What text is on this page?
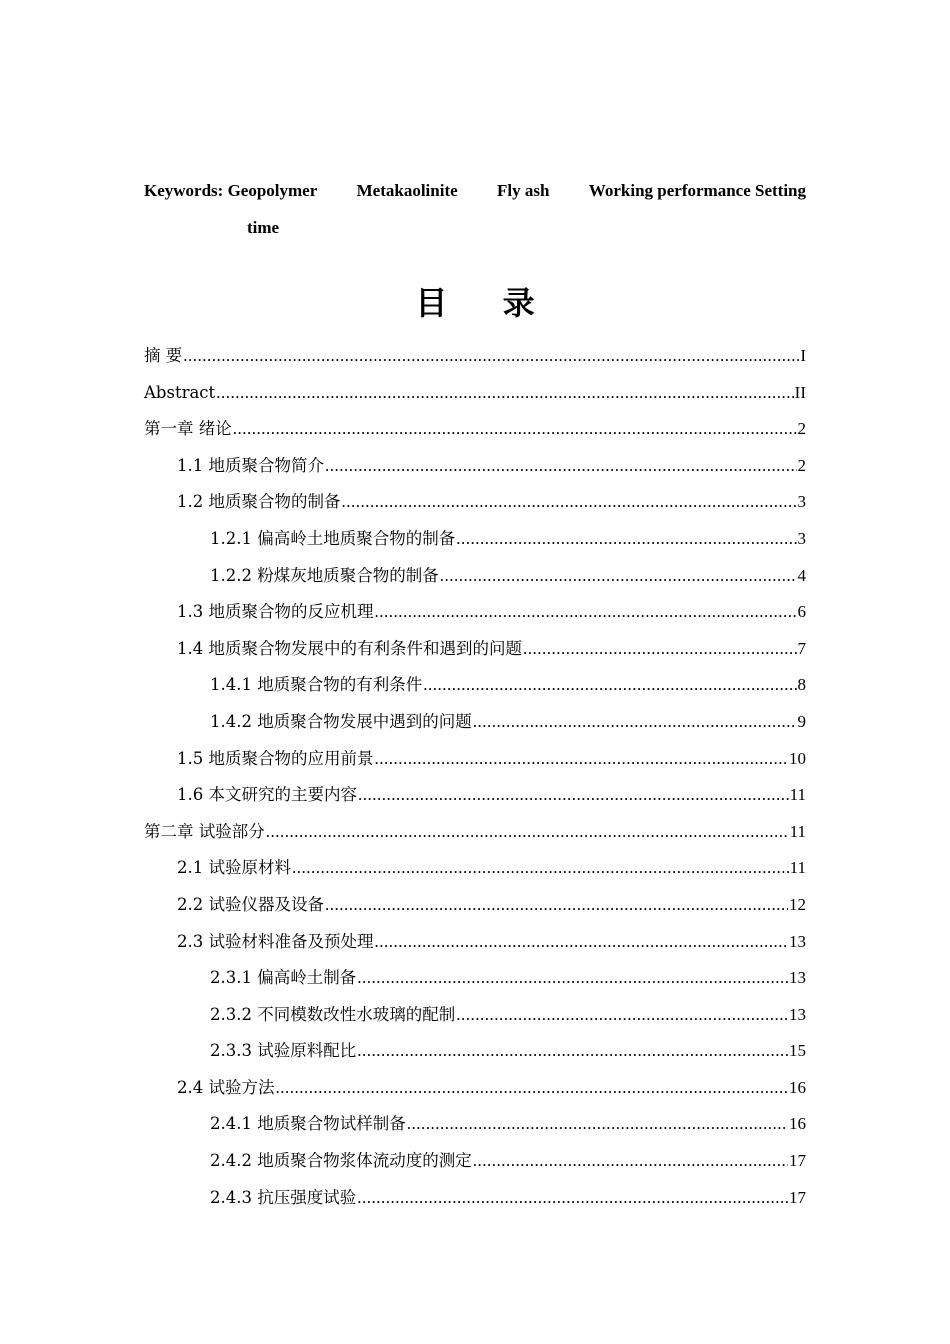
Keywords: Geopolymer Metakaolinite Fly ash Working performance Setting
time
目 录
摘 要 .....	I
Abstract .....	II
第一章 绪论 .....	2
1.1 地质聚合物简介 .....	2
1.2 地质聚合物的制备 .....	3
1.2.1 偏高岭土地质聚合物的制备 .....	3
1.2.2 粉煤灰地质聚合物的制备 .....	4
1.3 地质聚合物的反应机理 .....	6
1.4 地质聚合物发展中的有利条件和遇到的问题 .....	7
1.4.1 地质聚合物的有利条件 .....	8
1.4.2 地质聚合物发展中遇到的问题 .....	9
1.5 地质聚合物的应用前景 .....	10
1.6 本文研究的主要内容 .....	11
第二章 试验部分 .....	11
2.1 试验原材料 .....	11
2.2 试验仪器及设备 .....	12
2.3 试验材料准备及预处理 .....	13
2.3.1 偏高岭土制备 .....	13
2.3.2 不同模数改性水玻璃的配制 .....	13
2.3.3 试验原料配比 .....	15
2.4 试验方法 .....	16
2.4.1 地质聚合物试样制备 .....	16
2.4.2 地质聚合物浆体流动度的测定 .....	17
2.4.3 抗压强度试验 .....	17
